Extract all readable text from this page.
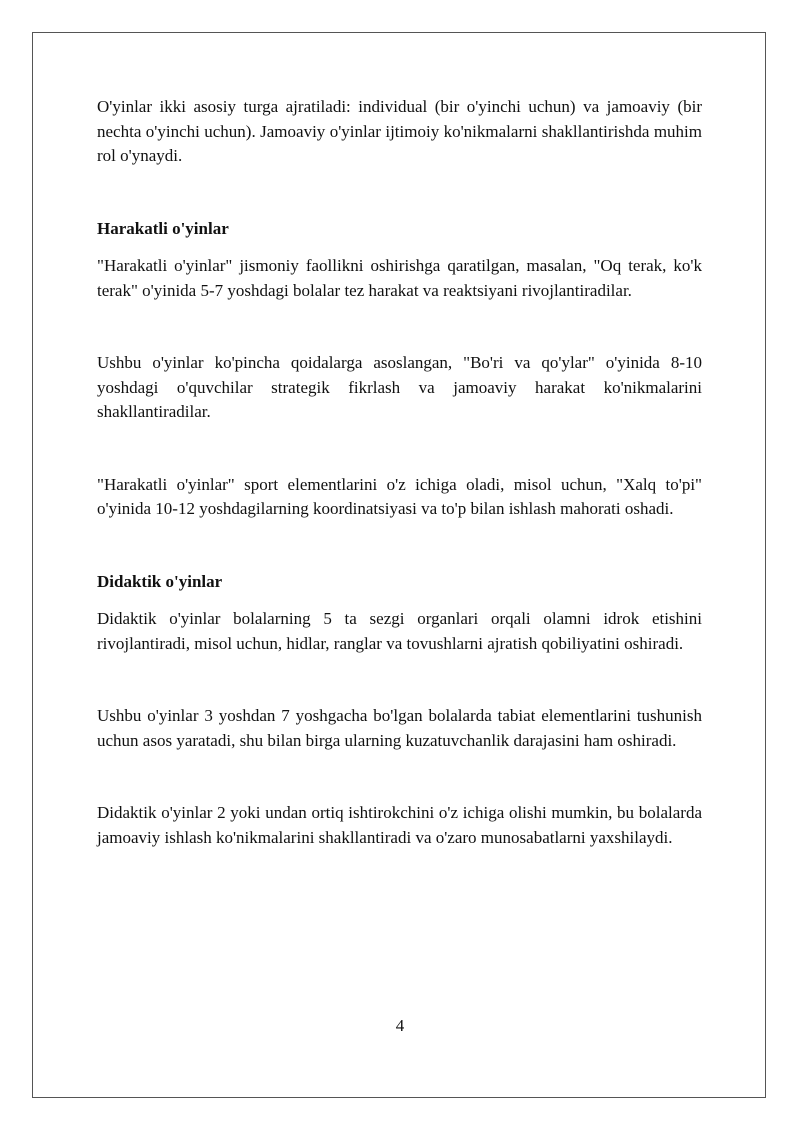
O'yinlar ikki asosiy turga ajratiladi: individual (bir o'yinchi uchun) va jamoaviy (bir nechta o'yinchi uchun). Jamoaviy o'yinlar ijtimoiy ko'nikmalarni shakllantirishda muhim rol o'ynaydi.

Harakatli o'yinlar

"Harakatli o'yinlar" jismoniy faollikni oshirishga qaratilgan, masalan, "Oq terak, ko'k terak" o'yinida 5-7 yoshdagi bolalar tez harakat va reaktsiyani rivojlantiradilar.

Ushbu o'yinlar ko'pincha qoidalarga asoslangan, "Bo'ri va qo'ylar" o'yinida 8-10 yoshdagi o'quvchilar strategik fikrlash va jamoaviy harakat ko'nikmalarini shakllantiradilar.

"Harakatli o'yinlar" sport elementlarini o'z ichiga oladi, misol uchun, "Xalq to'pi" o'yinida 10-12 yoshdagilarning koordinatsiyasi va to'p bilan ishlash mahorati oshadi.

Didaktik o'yinlar

Didaktik o'yinlar bolalarning 5 ta sezgi organlari orqali olamni idrok etishini rivojlantiradi, misol uchun, hidlar, ranglar va tovushlarni ajratish qobiliyatini oshiradi.

Ushbu o'yinlar 3 yoshdan 7 yoshgacha bo'lgan bolalarda tabiat elementlarini tushunish uchun asos yaratadi, shu bilan birga ularning kuzatuvchanlik darajasini ham oshiradi.

Didaktik o'yinlar 2 yoki undan ortiq ishtirokchini o'z ichiga olishi mumkin, bu bolalarda jamoaviy ishlash ko'nikmalarini shakllantiradi va o'zaro munosabatlarni yaxshilaydi.

4
